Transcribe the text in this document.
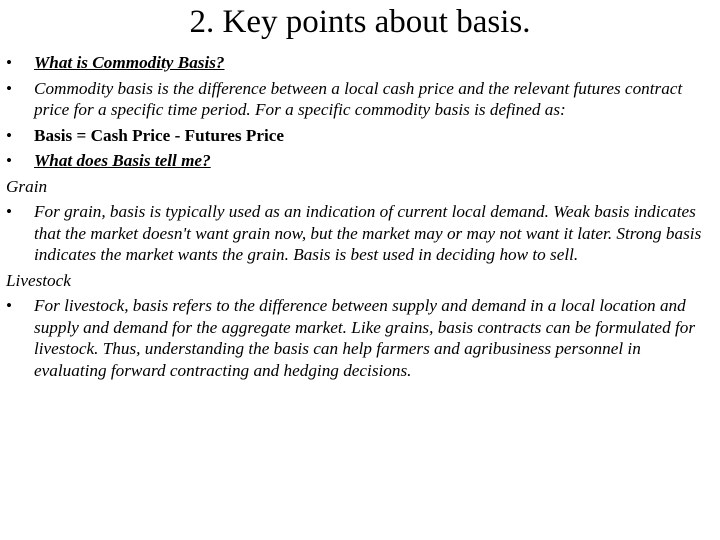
2. Key points about basis.
•	What is Commodity Basis?
•	Commodity basis is the difference between a local cash price and the relevant futures contract price for a specific time period. For a specific commodity basis is defined as:
•	Basis = Cash Price - Futures Price
•	What does Basis tell me?
Grain
•	For grain, basis is typically used as an indication of current local demand. Weak basis indicates that the market doesn't want grain now, but the market may or may not want it later. Strong basis indicates the market wants the grain. Basis is best used in deciding how to sell.
Livestock
•	For livestock, basis refers to the difference between supply and demand in a local location and supply and demand for the aggregate market. Like grains, basis contracts can be formulated for livestock. Thus, understanding the basis can help farmers and agribusiness personnel in evaluating forward contracting and hedging decisions.
